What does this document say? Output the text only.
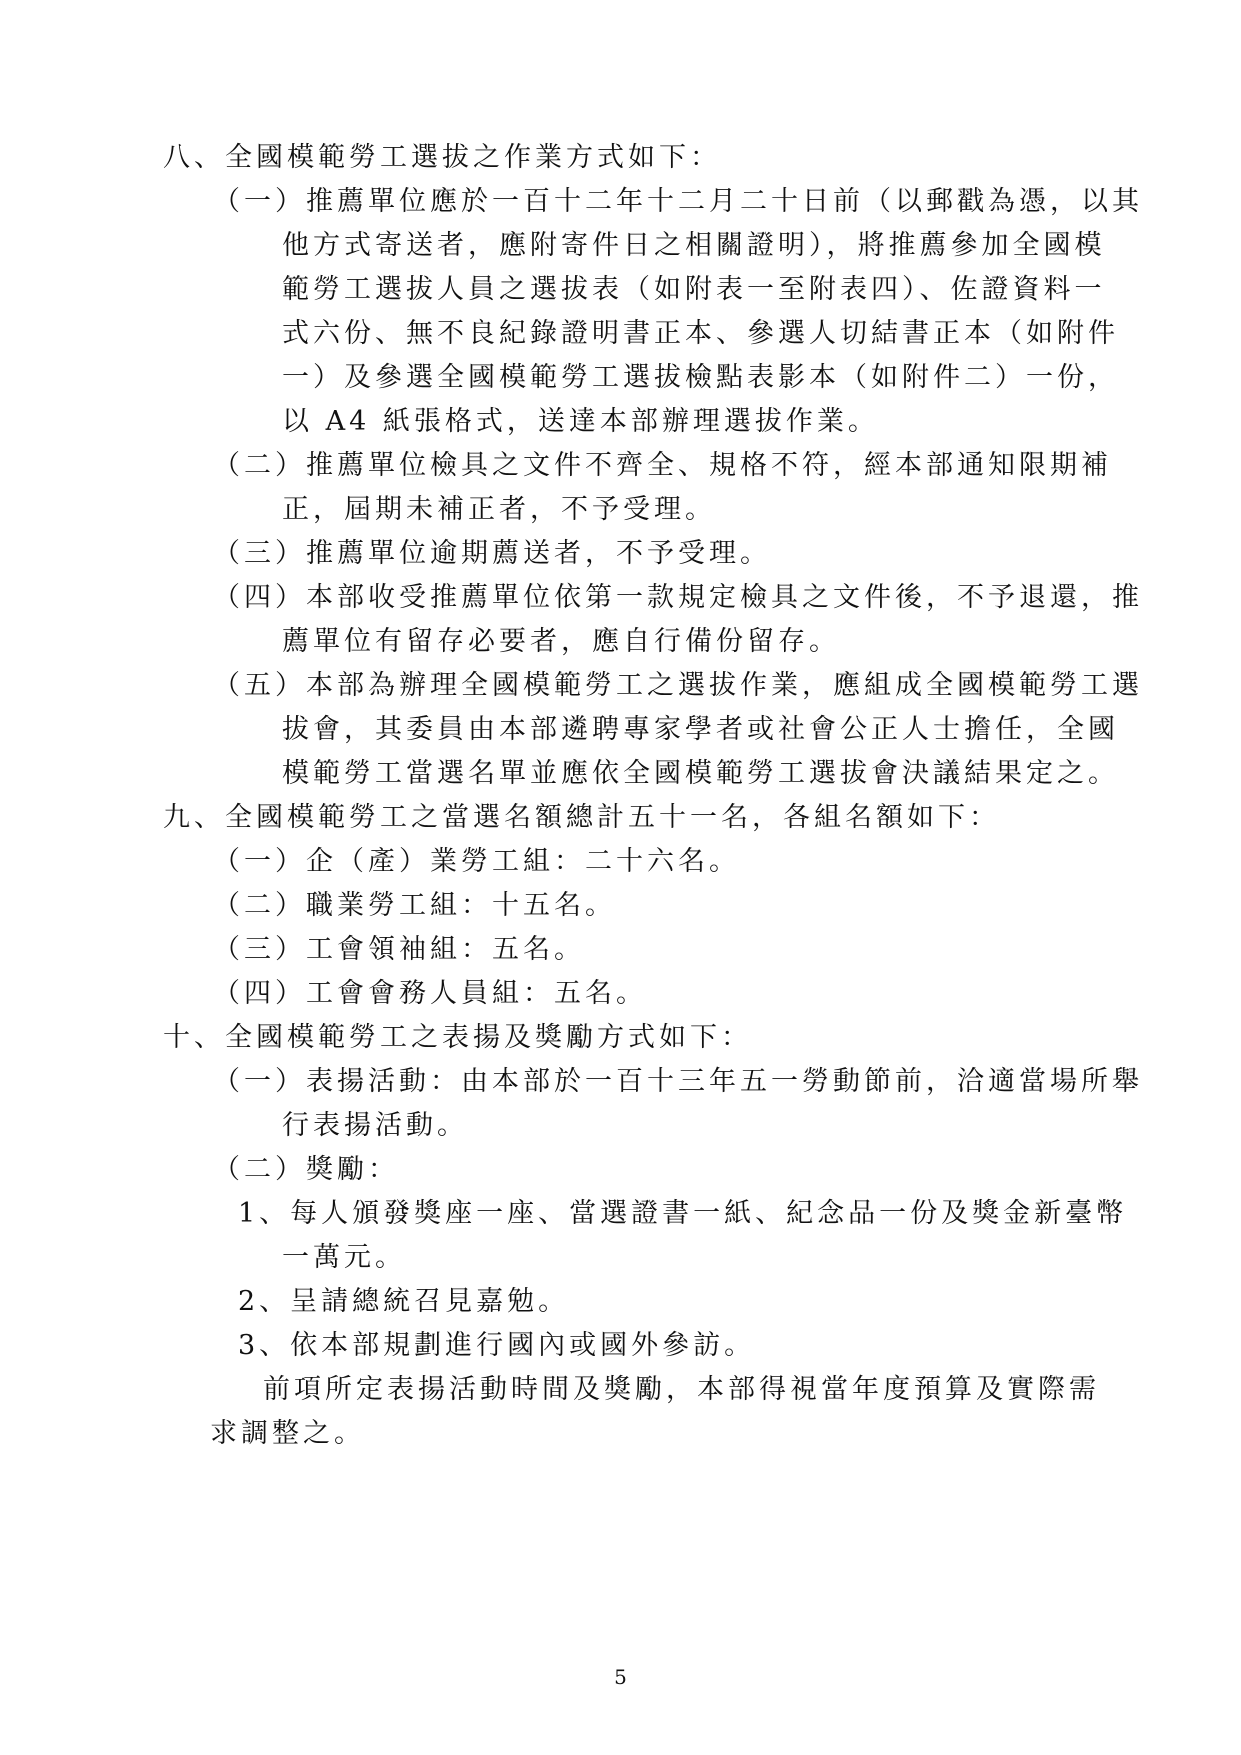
八、全國模範勞工選拔之作業方式如下：
（一）推薦單位應於一百十二年十二月二十日前（以郵戳為憑，以其
他方式寄送者，應附寄件日之相關證明），將推薦參加全國模
範勞工選拔人員之選拔表（如附表一至附表四）、佐證資料一
式六份、無不良紀錄證明書正本、參選人切結書正本（如附件
一）及參選全國模範勞工選拔檢點表影本（如附件二）一份，
以 A4 紙張格式，送達本部辦理選拔作業。
（二）推薦單位檢具之文件不齊全、規格不符，經本部通知限期補
正，屆期未補正者，不予受理。
（三）推薦單位逾期薦送者，不予受理。
（四）本部收受推薦單位依第一款規定檢具之文件後，不予退還，推
薦單位有留存必要者，應自行備份留存。
（五）本部為辦理全國模範勞工之選拔作業，應組成全國模範勞工選
拔會，其委員由本部遴聘專家學者或社會公正人士擔任，全國
模範勞工當選名單並應依全國模範勞工選拔會決議結果定之。
九、全國模範勞工之當選名額總計五十一名，各組名額如下：
（一）企（產）業勞工組：二十六名。
（二）職業勞工組：十五名。
（三）工會領袖組：五名。
（四）工會會務人員組：五名。
十、全國模範勞工之表揚及獎勵方式如下：
（一）表揚活動：由本部於一百十三年五一勞動節前，洽適當場所舉
行表揚活動。
（二）獎勵：
1、每人頒發獎座一座、當選證書一紙、紀念品一份及獎金新臺幣
一萬元。
2、呈請總統召見嘉勉。
3、依本部規劃進行國內或國外參訪。
前項所定表揚活動時間及獎勵，本部得視當年度預算及實際需
求調整之。
5
